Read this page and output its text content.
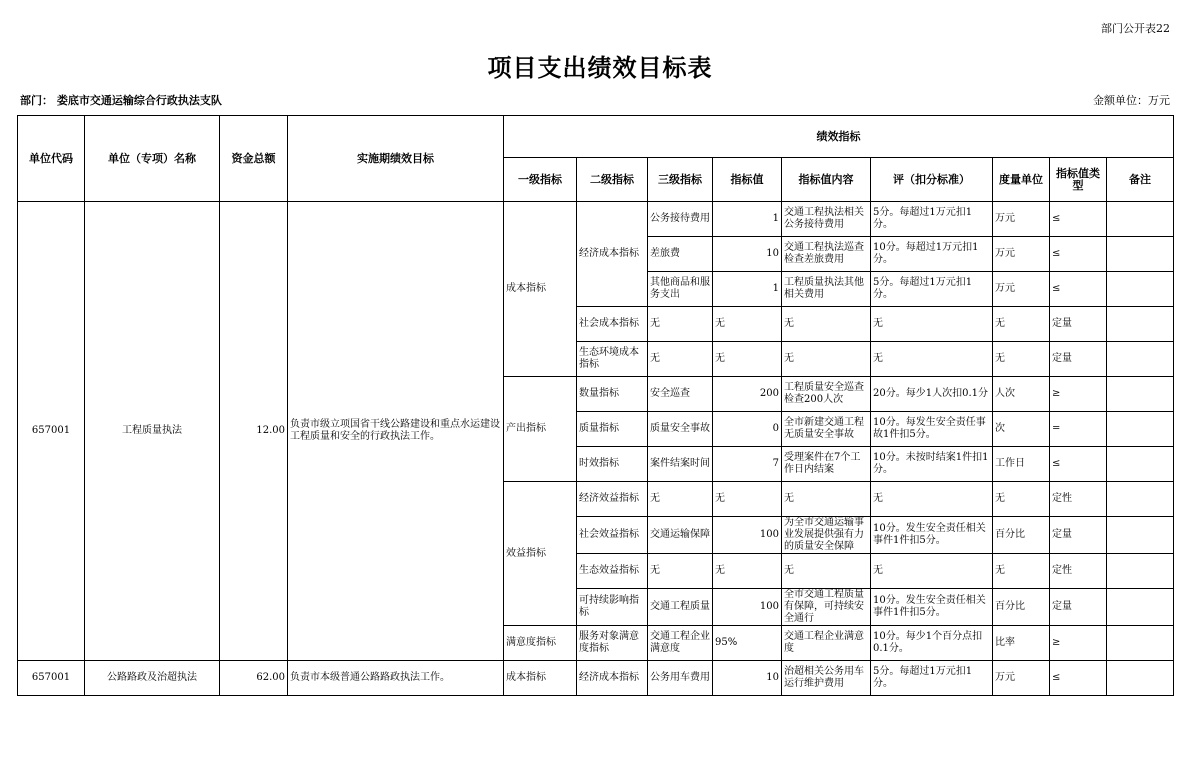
部门公开表22
项目支出绩效目标表
部门： 娄底市交通运输综合行政执法支队	金额单位：万元
单位代码	单位（专项）名称	资金总额	实施期绩效目标	绩效指标								
				一级指标	二级指标	三级指标	指标值	指标值内容	评（扣分标准）	度量单位	指标值类型	备注
657001	工程质量执法	12.00	负责市级立项国省干线公路建设和重点水运建设工程质量和安全的行政执法工作。	成本指标	经济成本指标	公务接待费用	1	交通工程执法相关公务接待费用	5分。每超过1万元扣1分。	万元	≤	
						差旅费	10	交通工程执法巡查检查差旅费用	10分。每超过1万元扣1分。	万元	≤	
						其他商品和服务支出	1	工程质量执法其他相关费用	5分。每超过1万元扣1分。	万元	≤	
					社会成本指标	无	无	无	无	无	定量	
					生态环境成本指标	无	无	无	无	无	定量	
				产出指标	数量指标	安全巡查	200	工程质量安全巡查检查200人次	20分。每少1人次扣0.1分	人次	≥	
					质量指标	质量安全事故	0	全市新建交通工程无质量安全事故	10分。每发生安全责任事故1件扣5分。	次	=	
					时效指标	案件结案时间	7	受理案件在7个工作日内结案	10分。未按时结案1件扣1分。	工作日	≤	
				效益指标	经济效益指标	无	无	无	无	无	定性	
					社会效益指标	交通运输保障	100	为全市交通运输事业发展提供强有力的质量安全保障	10分。发生安全责任相关事件1件扣5分。	百分比	定量	
					生态效益指标	无	无	无	无	无	定性	
					可持续影响指标	交通工程质量	100	全市交通工程质量有保障，可持续安全通行	10分。发生安全责任相关事件1件扣5分。	百分比	定量	
				满意度指标	服务对象满意度指标	交通工程企业满意度	95%	交通工程企业满意度	10分。每少1个百分点扣0.1分。	比率	≥	
657001	公路路政及治超执法	62.00	负责市本级普通公路路政执法工作。	成本指标	经济成本指标	公务用车费用	10	治超相关公务用车运行维护费用	5分。每超过1万元扣1分。	万元	≤	
